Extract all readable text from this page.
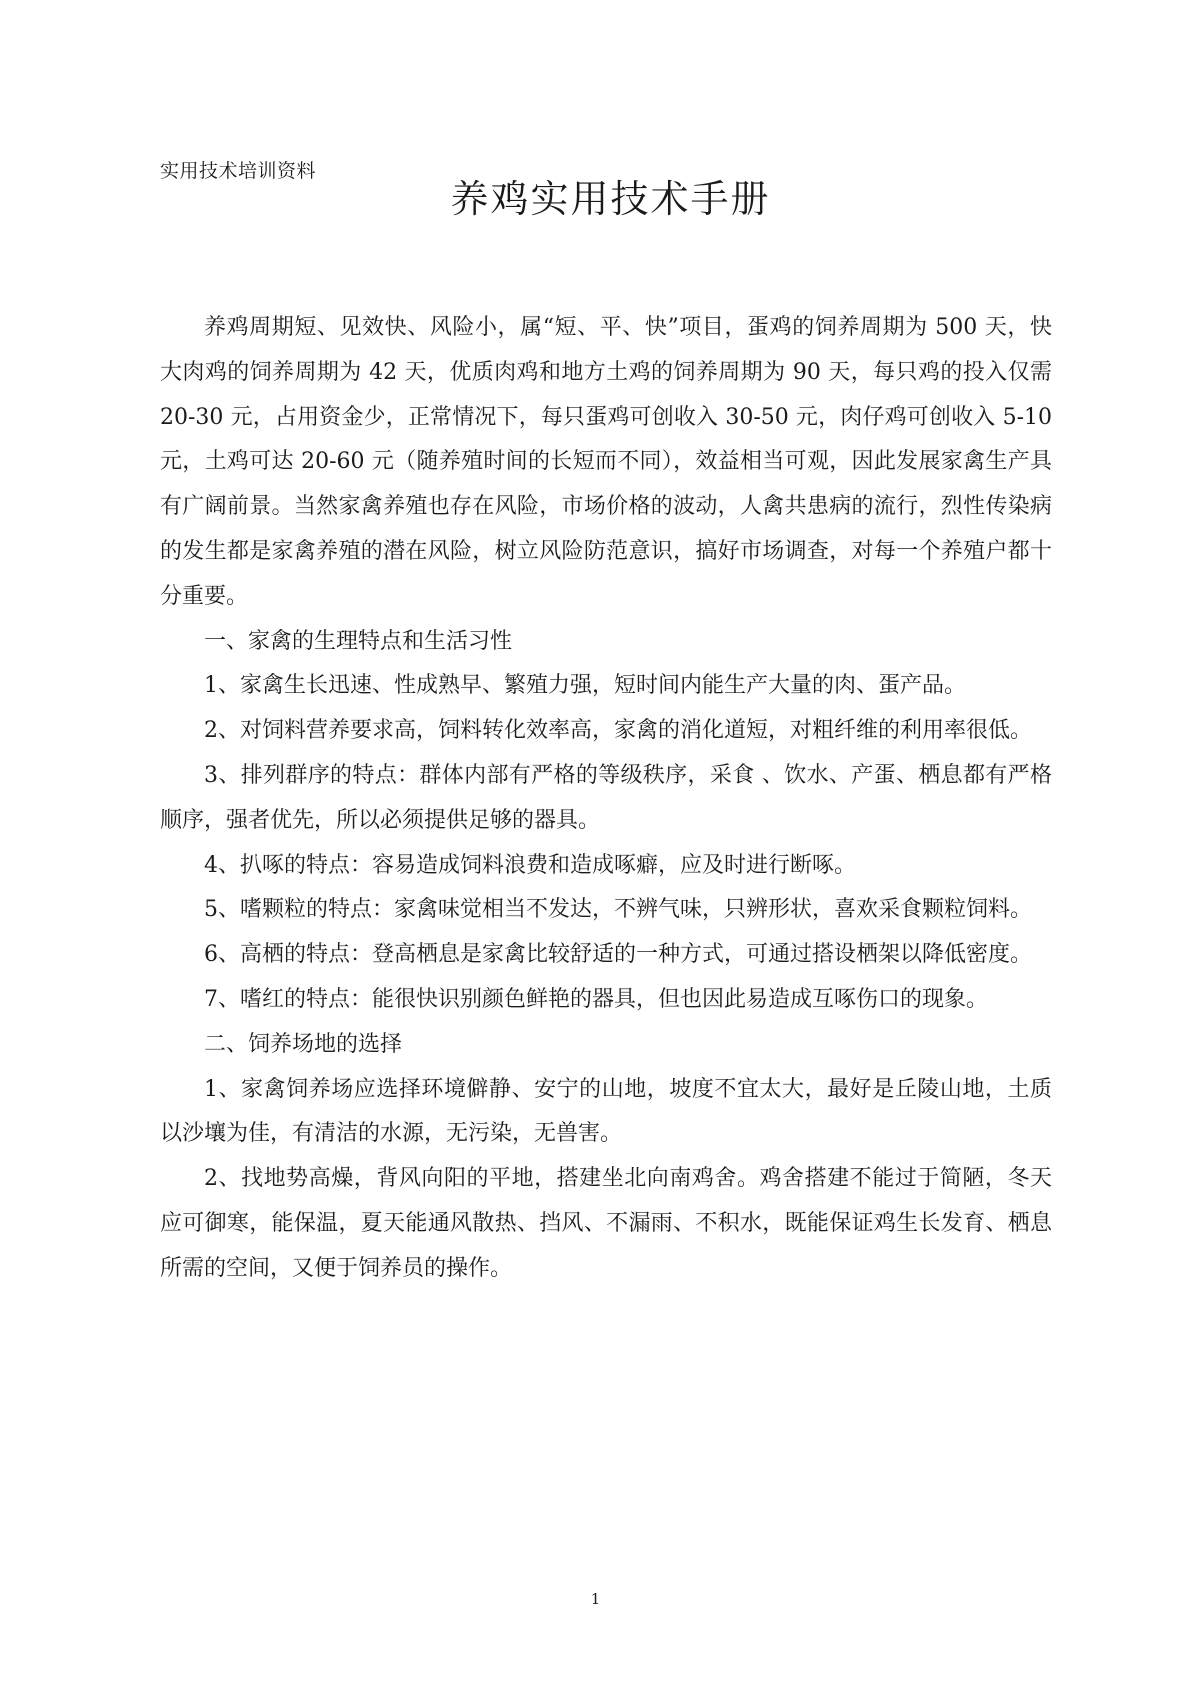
实用技术培训资料
养鸡实用技术手册

养鸡周期短、见效快、风险小，属“短、平、快”项目，蛋鸡的饲养周期为 500 天，快大肉鸡的饲养周期为 42 天，优质肉鸡和地方土鸡的饲养周期为 90 天，每只鸡的投入仅需 20-30 元，占用资金少，正常情况下，每只蛋鸡可创收入 30-50 元，肉仔鸡可创收入 5-10 元，土鸡可达 20-60 元（随养殖时间的长短而不同），效益相当可观，因此发展家禽生产具有广阔前景。当然家禽养殖也存在风险，市场价格的波动，人禽共患病的流行，烈性传染病的发生都是家禽养殖的潜在风险，树立风险防范意识，搞好市场调查，对每一个养殖户都十分重要。

一、家禽的生理特点和生活习性

1、家禽生长迅速、性成熟早、繁殖力强，短时间内能生产大量的肉、蛋产品。

2、对饲料营养要求高，饲料转化效率高，家禽的消化道短，对粗纤维的利用率很低。

3、排列群序的特点：群体内部有严格的等级秩序，采食 、饮水、产蛋、栖息都有严格顺序，强者优先，所以必须提供足够的器具。

4、扒啄的特点：容易造成饲料浪费和造成啄癖，应及时进行断啄。

5、嗜颗粒的特点：家禽味觉相当不发达，不辨气味，只辨形状，喜欢采食颗粒饲料。

6、高栖的特点：登高栖息是家禽比较舒适的一种方式，可通过搭设栖架以降低密度。

7、嗜红的特点：能很快识别颜色鲜艳的器具，但也因此易造成互啄伤口的现象。

二、饲养场地的选择

1、家禽饲养场应选择环境僻静、安宁的山地，坡度不宜太大，最好是丘陵山地，土质以沙壤为佳，有清洁的水源，无污染，无兽害。

2、找地势高燥，背风向阳的平地，搭建坐北向南鸡舍。鸡舍搭建不能过于简陋，冬天应可御寒，能保温，夏天能通风散热、挡风、不漏雨、不积水，既能保证鸡生长发育、栖息所需的空间，又便于饲养员的操作。

1
